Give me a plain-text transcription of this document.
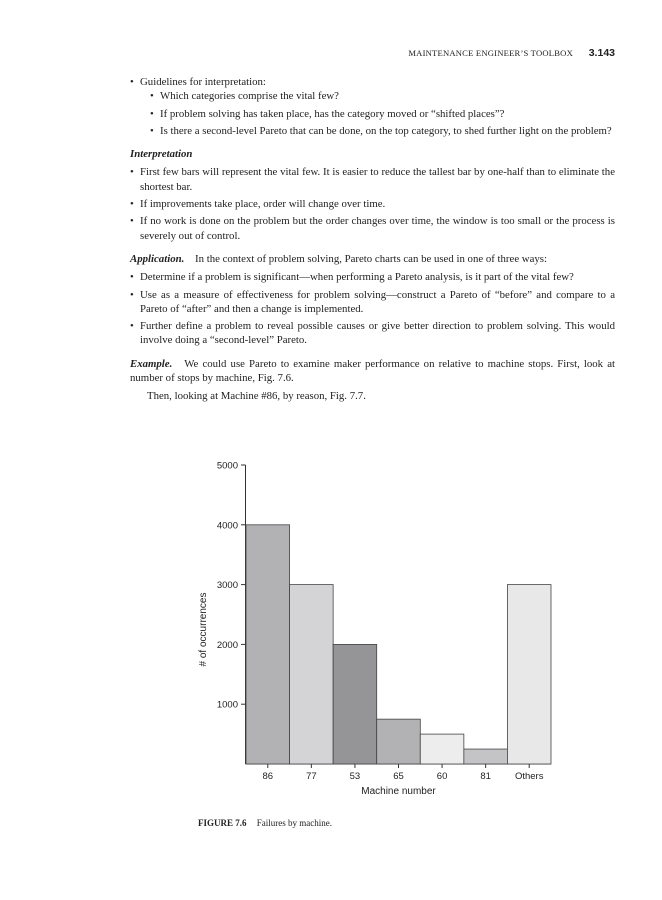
MAINTENANCE ENGINEER’S TOOLBOX 3.143
• Guidelines for interpretation:
• Which categories comprise the vital few?
• If problem solving has taken place, has the category moved or “shifted places”?
• Is there a second-level Pareto that can be done, on the top category, to shed further light on the problem?
Interpretation
• First few bars will represent the vital few. It is easier to reduce the tallest bar by one-half than to eliminate the shortest bar.
• If improvements take place, order will change over time.
• If no work is done on the problem but the order changes over time, the window is too small or the process is severely out of control.

Application. In the context of problem solving, Pareto charts can be used in one of three ways:

• Determine if a problem is significant—when performing a Pareto analysis, is it part of the vital few?
• Use as a measure of effectiveness for problem solving—construct a Pareto of “before” and compare to a Pareto of “after” and then a change is implemented.
• Further define a problem to reveal possible causes or give better direction to problem solving. This would involve doing a “second-level” Pareto.

Example. We could use Pareto to examine maker performance on relative to machine stops. First, look at number of stops by machine, Fig. 7.6.

Then, looking at Machine #86, by reason, Fig. 7.7.

1000
2000
3000
4000
5000
86	77	53	65	60	81	Others
Machine number
# of occurrences
FIGURE 7.6 Failures by machine.
